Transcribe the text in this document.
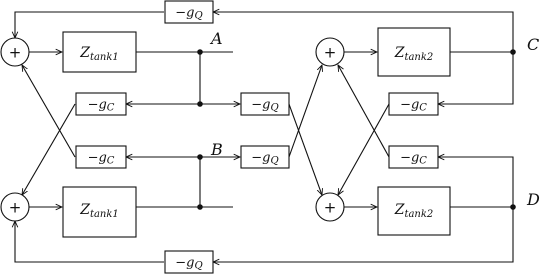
+
+
+
+
Ztank1
Ztank1
Ztank2
Ztank2
−gQ
−gQ
−gC
−gC
−gQ
−gQ
−gC
−gC
A
B
C
D
